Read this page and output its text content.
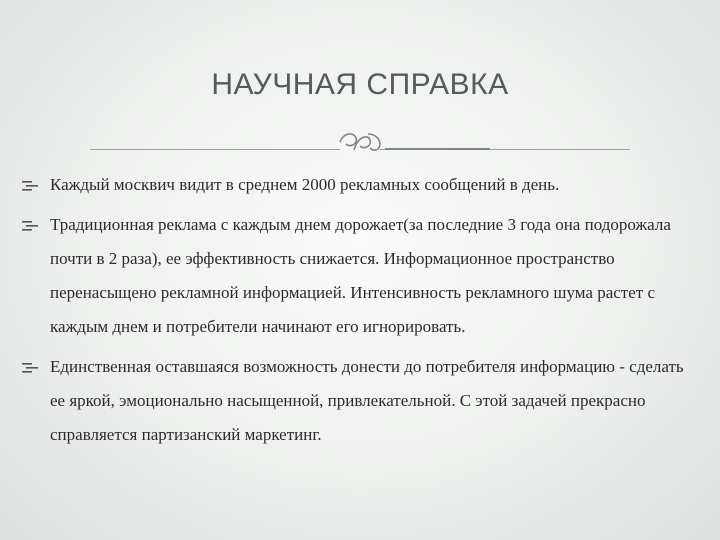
НАУЧНАЯ СПРАВКА
Каждый москвич видит в среднем 2000 рекламных сообщений в день.
Традиционная реклама с каждым днем дорожает(за последние 3 года она подорожала почти в 2 раза), ее эффективность снижается. Информационное пространство перенасыщено рекламной информацией. Интенсивность рекламного шума растет с каждым днем и потребители начинают его игнорировать.
Единственная оставшаяся возможность донести до потребителя информацию - сделать ее яркой, эмоционально насыщенной, привлекательной. С этой задачей прекрасно справляется партизанский маркетинг.
